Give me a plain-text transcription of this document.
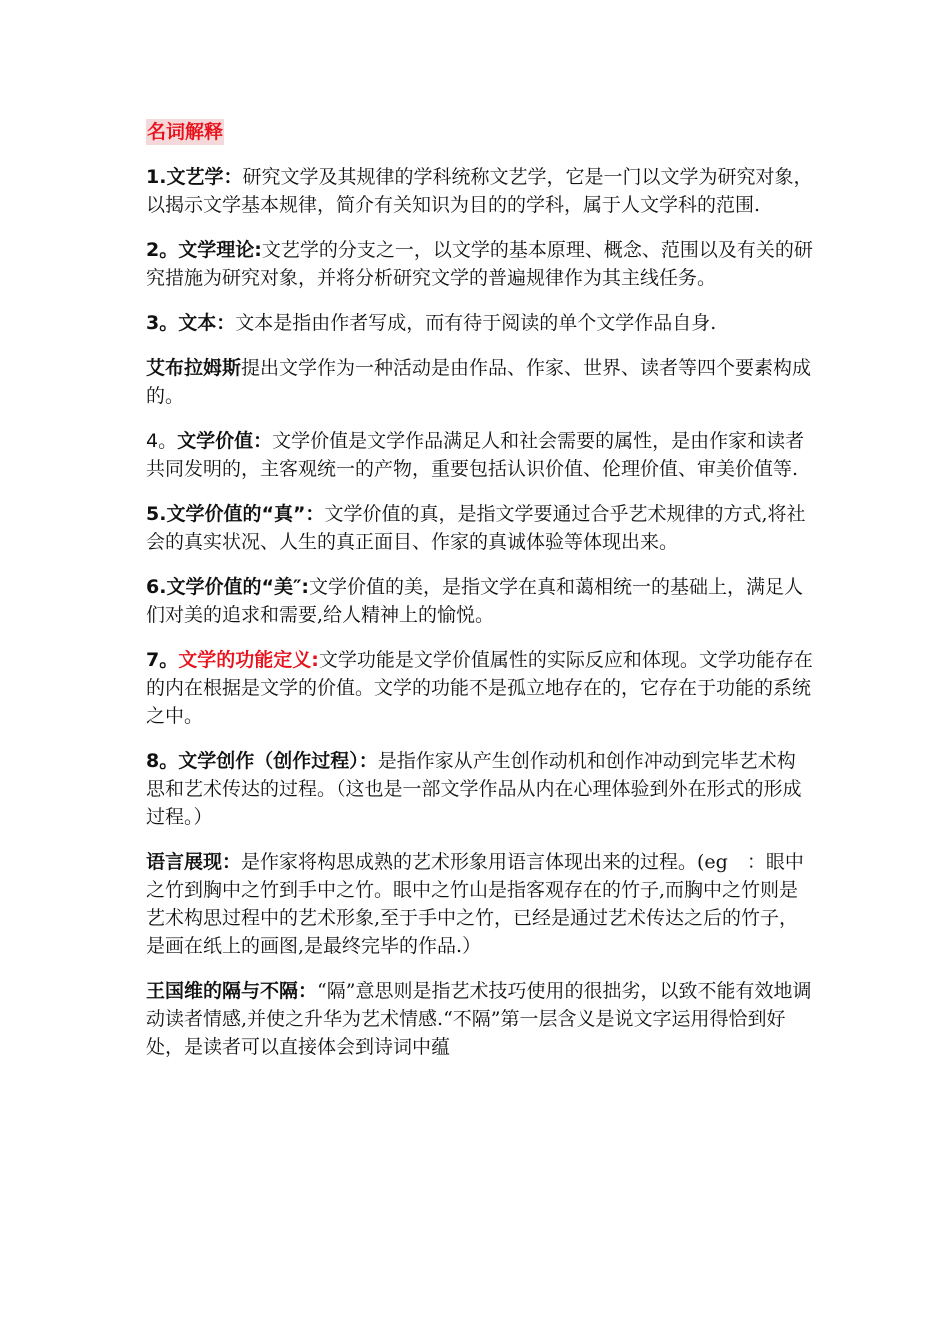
名词解释

1.文艺学：研究文学及其规律的学科统称文艺学，它是一门以文学为研究对象，以揭示文学基本规律，简介有关知识为目的的学科，属于人文学科的范围.

2。文学理论:文艺学的分支之一，以文学的基本原理、概念、范围以及有关的研究措施为研究对象，并将分析研究文学的普遍规律作为其主线任务。

3。文本：文本是指由作者写成，而有待于阅读的单个文学作品自身.

艾布拉姆斯提出文学作为一种活动是由作品、作家、世界、读者等四个要素构成的。

4。文学价值：文学价值是文学作品满足人和社会需要的属性，是由作家和读者共同发明的，主客观统一的产物，重要包括认识价值、伦理价值、审美价值等.

5.文学价值的“真”：文学价值的真，是指文学要通过合乎艺术规律的方式,将社会的真实状况、人生的真正面目、作家的真诚体验等体现出来。

6.文学价值的“美″:文学价值的美，是指文学在真和蔼相统一的基础上，满足人们对美的追求和需要,给人精神上的愉悦。

7。文学的功能定义:文学功能是文学价值属性的实际反应和体现。文学功能存在的内在根据是文学的价值。文学的功能不是孤立地存在的，它存在于功能的系统之中。

8。文学创作（创作过程）：是指作家从产生创作动机和创作冲动到完毕艺术构思和艺术传达的过程。（这也是一部文学作品从内在心理体验到外在形式的形成过程。）

语言展现：是作家将构思成熟的艺术形象用语言体现出来的过程。(eg　：眼中之竹到胸中之竹到手中之竹。眼中之竹山是指客观存在的竹子,而胸中之竹则是艺术构思过程中的艺术形象,至于手中之竹，已经是通过艺术传达之后的竹子，是画在纸上的画图,是最终完毕的作品.）

王国维的隔与不隔：“隔”意思则是指艺术技巧使用的很拙劣，以致不能有效地调动读者情感,并使之升华为艺术情感.“不隔”第一层含义是说文字运用得恰到好处，是读者可以直接体会到诗词中蕴
